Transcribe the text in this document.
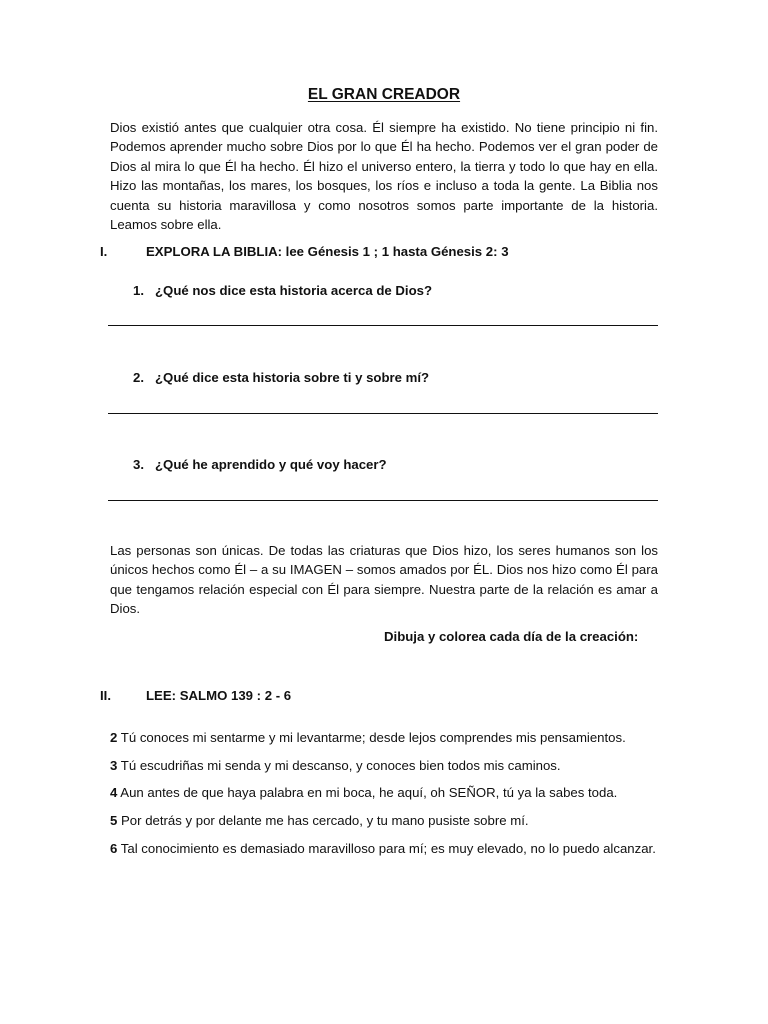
EL GRAN CREADOR

Dios existió antes que cualquier otra cosa. Él siempre ha existido. No tiene principio ni fin. Podemos aprender mucho sobre Dios por lo que Él ha hecho. Podemos ver el gran poder de Dios al mira lo que Él ha hecho. Él hizo el universo entero, la tierra y todo lo que hay en ella. Hizo las montañas, los mares, los bosques, los ríos e incluso a toda la gente. La Biblia nos cuenta su historia maravillosa y como nosotros somos parte importante de la historia. Leamos sobre ella.

I.	EXPLORA LA BIBLIA: lee Génesis 1 ; 1 hasta Génesis 2: 3
1. ¿Qué nos dice esta historia acerca de Dios?
2. ¿Qué dice esta historia sobre ti y sobre mí?
3. ¿Qué he aprendido y qué voy hacer?

Las personas son únicas. De todas las criaturas que Dios hizo, los seres humanos son los únicos hechos como Él – a su IMAGEN – somos amados por ÉL. Dios nos hizo como Él para que tengamos relación especial con Él para siempre. Nuestra parte de la relación es amar a Dios.

Dibuja y colorea cada día de la creación:
II.	LEE: SALMO 139 : 2 - 6
2 Tú conoces mi sentarme y mi levantarme; desde lejos comprendes mis pensamientos.
3 Tú escudriñas mi senda y mi descanso, y conoces bien todos mis caminos.
4 Aun antes de que haya palabra en mi boca, he aquí, oh SEÑOR, tú ya la sabes toda.
5 Por detrás y por delante me has cercado, y tu mano pusiste sobre mí.
6 Tal conocimiento es demasiado maravilloso para mí; es muy elevado, no lo puedo alcanzar.
